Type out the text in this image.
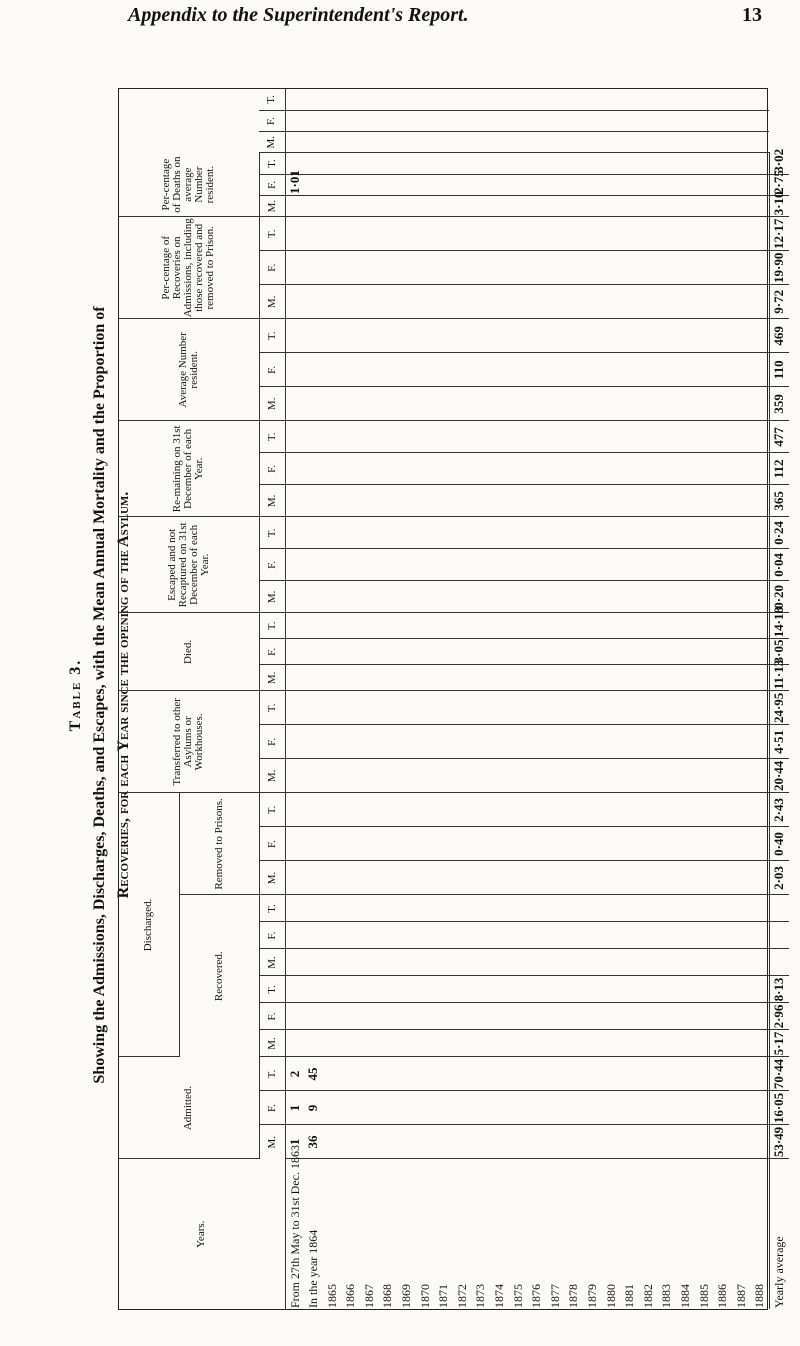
Appendix to the Superintendent's Report.	13
Table 3. Showing the Admissions, Discharges, Deaths, and Escapes, with the Mean Annual Mortality and the Proportion of Recoveries, for each Year since the opening of the Asylum.
Years.	Admitted.			Discharged.									Transferred to other Asylums or Workhouses.			Died.			Escaped and not Recaptured on 31st December of each Year.			Re-maining on 31st December of each Year.			Average Number resident.			Per-centage of Recoveries on Admissions, including those recovered and removed to Prison.			Per-centage of Deaths on average Number resident.					
				Recovered.						Removed to Prisons.																										
	M.	F.	T.	M.	F.	T.	M.	F.	T.	M.	F.	T.	M.	F.	T.	M.	F.	T.	M.	F.	T.	M.	F.	T.	M.	F.	T.	M.	F.	T.	M.	F.	T.	M.	F.	T.
From 27th May to 31st Dec. 1863	1	1	2																													1·01				
In the year 1864	36	9	45																																	
1865																																				
1866																																				
1867																																				
1868																																				
1869																																				
1870																																				
1871																																				
1872																																				
1873																																				
1874																																				
1875																																				
1876																																				
1877																																				
1878																																				
1879																																				
1880																																				
1881																																				
1882																																				
1883																																				
1884																																				
1885																																				
1886																																				
1887																																				
1888																																				
Yearly average	53·49	16·05	70·44	5·17	2·96	8·13				2·03	0·40	2·43	20·44	4·51	24·95	11·13	3·05	14·18	0·20	0·04	0·24	365	112	477	359	110	469	9·72	19·90	12·17	3·10	2·75	3·02			
